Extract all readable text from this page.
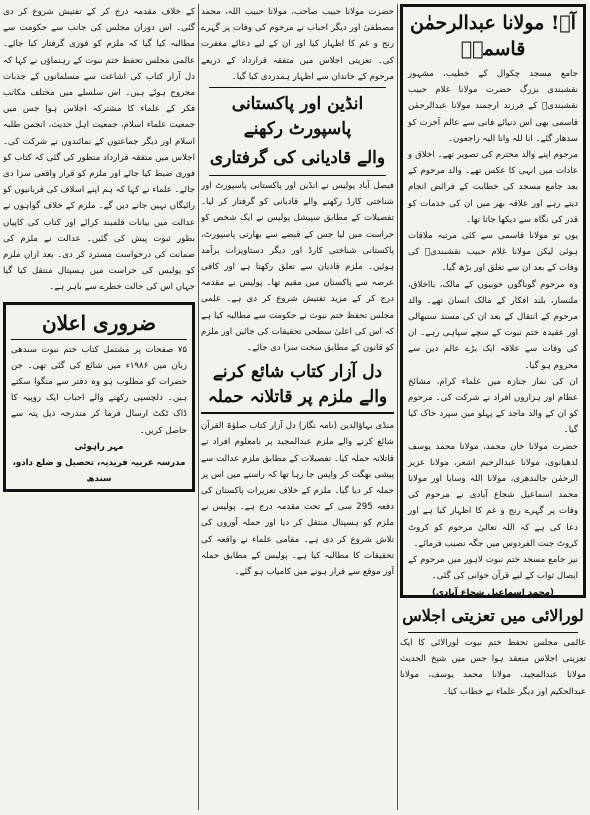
آہ! مولانا عبدالرحمٰن قاسمیؒ

جامع مسجد چکوال کے خطیب، مشہور نقشبندی بزرگ حضرت مولانا غلام حبیب نقشبندیؒ کے فرزند ارجمند مولانا عبدالرحمٰن قاسمی بھی اس دنیائے فانی سے عالم آخرت کو سدھار گئے۔ انا للہ وانا الیہ راجعون۔

مرحوم اپنے والد محترم کی تصویر تھے۔ اخلاق و عادات میں انہی کا عکس تھے۔ والد مرحوم کے بعد جامع مسجد کی خطابت کے فرائض انجام دیتے رہے اور علاقہ بھر میں ان کی خدمات کو قدر کی نگاہ سے دیکھا جاتا تھا۔

یوں تو مولانا قاسمی سے کئی مرتبہ ملاقات ہوئی لیکن مولانا غلام حبیب نقشبندیؒ کی وفات کے بعد ان سے تعلق اور بڑھ گیا۔

وہ مرحوم گوناگوں خوبیوں کے مالک، بااخلاق، ملنسار، بلند افکار کے مالک انسان تھے۔ والد مرحوم کے انتقال کے بعد ان کی مسند سنبھالی اور عقیدہ ختم نبوت کے سچے سپاہی رہے۔ ان کی وفات سے علاقہ ایک بڑے عالم دین سے محروم ہو گیا۔

ان کی نماز جنازہ میں علماء کرام، مشائخ عظام اور ہزاروں افراد نے شرکت کی۔ مرحوم کو ان کے والد ماجد کے پہلو میں سپرد خاک کیا گیا۔

حضرت مولانا خان محمد، مولانا محمد یوسف لدھیانوی، مولانا عبدالرحیم اشعر، مولانا عزیز الرحمٰن جالندھری، مولانا اللہ وسایا اور مولانا محمد اسماعیل شجاع آبادی نے مرحوم کی وفات پر گہرے رنج و غم کا اظہار کیا ہے اور دعا کی ہے کہ اللہ تعالیٰ مرحوم کو کروٹ کروٹ جنت الفردوس میں جگہ نصیب فرمائے۔

نیز جامع مسجد ختم نبوت لاہور میں مرحوم کے ایصال ثواب کے لیے قرآن خوانی کی گئی۔

(محمد اسماعیل شجاع آبادی)

لورالائی میں تعزیتی اجلاس

عالمی مجلس تحفظ ختم نبوت لورالائی کا ایک تعزیتی اجلاس منعقد ہوا جس میں شیخ الحدیث مولانا عبدالمجید، مولانا محمد یوسف، مولانا عبدالحکیم اور دیگر علماء نے خطاب کیا۔

حضرت مولانا حبیب صاحب، مولانا حبیب اللہ، محمد مصطفیٰ اور دیگر احباب نے مرحوم کی وفات پر گہرے رنج و غم کا اظہار کیا اور ان کے لیے دعائے مغفرت کی۔ تعزیتی اجلاس میں متفقہ قرارداد کے ذریعے مرحوم کے خاندان سے اظہار ہمدردی کیا گیا۔

انڈین اور پاکستانی پاسپورٹ رکھنے
والے قادیانی کی گرفتاری

فیصل آباد پولیس نے انڈین اور پاکستانی پاسپورٹ اور شناختی کارڈ رکھنے والے قادیانی کو گرفتار کر لیا۔ تفصیلات کے مطابق سپیشل پولیس نے ایک شخص کو حراست میں لیا جس کے قبضے سے بھارتی پاسپورٹ، پاکستانی شناختی کارڈ اور دیگر دستاویزات برآمد ہوئیں۔ ملزم قادیان سے تعلق رکھتا ہے اور کافی عرصہ سے پاکستان میں مقیم تھا۔ پولیس نے مقدمہ درج کر کے مزید تفتیش شروع کر دی ہے۔ علمی مجلس تحفظ ختم نبوت نے حکومت سے مطالبہ کیا ہے کہ اس کی اعلیٰ سطحی تحقیقات کی جائیں اور ملزم کو قانون کے مطابق سخت سزا دی جائے۔

دل آزار کتاب شائع کرنے والے ملزم پر قاتلانہ حملہ

منڈی بہاؤالدین (نامہ نگار) دل آزار کتاب صلوٰۃ القرآن شائع کرنے والے ملزم عبدالمجید پر نامعلوم افراد نے قاتلانہ حملہ کیا۔ تفصیلات کے مطابق ملزم عدالت سے پیشی بھگت کر واپس جا رہا تھا کہ راستے میں اس پر حملہ کر دیا گیا۔ ملزم کے خلاف تعزیرات پاکستان کی دفعہ 295 سی کے تحت مقدمہ درج ہے۔ پولیس نے ملزم کو ہسپتال منتقل کر دیا اور حملہ آوروں کی تلاش شروع کر دی ہے۔ مقامی علماء نے واقعہ کی تحقیقات کا مطالبہ کیا ہے۔ پولیس کے مطابق حملہ آور موقع سے فرار ہونے میں کامیاب ہو گئے۔

کے خلاف مقدمہ درج کر کے تفتیش شروع کر دی گئی۔ اس دوران مجلس کی جانب سے حکومت سے مطالبہ کیا گیا کہ ملزم کو فوری گرفتار کیا جائے۔ عالمی مجلس تحفظ ختم نبوت کے رہنماؤں نے کہا کہ دل آزار کتاب کی اشاعت سے مسلمانوں کے جذبات مجروح ہوئے ہیں۔ اس سلسلے میں مختلف مکاتب فکر کے علماء کا مشترکہ اجلاس ہوا جس میں جمعیت علماء اسلام، جمعیت اہل حدیث، انجمن طلبہ اسلام اور دیگر جماعتوں کے نمائندوں نے شرکت کی۔ اجلاس میں متفقہ قرارداد منظور کی گئی کہ کتاب کو فوری ضبط کیا جائے اور ملزم کو قرار واقعی سزا دی جائے۔ علماء نے کہا کہ ہم اپنے اسلاف کی قربانیوں کو رائیگاں نہیں جانے دیں گے۔ ملزم کے خلاف گواہوں نے عدالت میں بیانات قلمبند کرائے اور کتاب کی کاپیاں بطور ثبوت پیش کی گئیں۔ عدالت نے ملزم کی ضمانت کی درخواست مسترد کر دی۔ بعد ازاں ملزم کو پولیس کی حراست میں ہسپتال منتقل کیا گیا جہاں اس کی حالت خطرے سے باہر ہے۔

ضروری اعلان

۷۵ صفحات پر مشتمل کتاب ختم نبوت سندھی زبان میں ۱۹۸۶ء میں شائع کی گئی تھی۔ جن حضرات کو مطلوب ہو وہ دفتر سے منگوا سکتے ہیں۔ دلچسپی رکھنے والے احباب ایک روپیہ کا ڈاک ٹکٹ ارسال فرما کر مندرجہ ذیل پتہ سے حاصل کریں۔

مہر راہوٹی

مدرسہ عربیہ فریدیہ، تحصیل و ضلع دادو، سندھ
